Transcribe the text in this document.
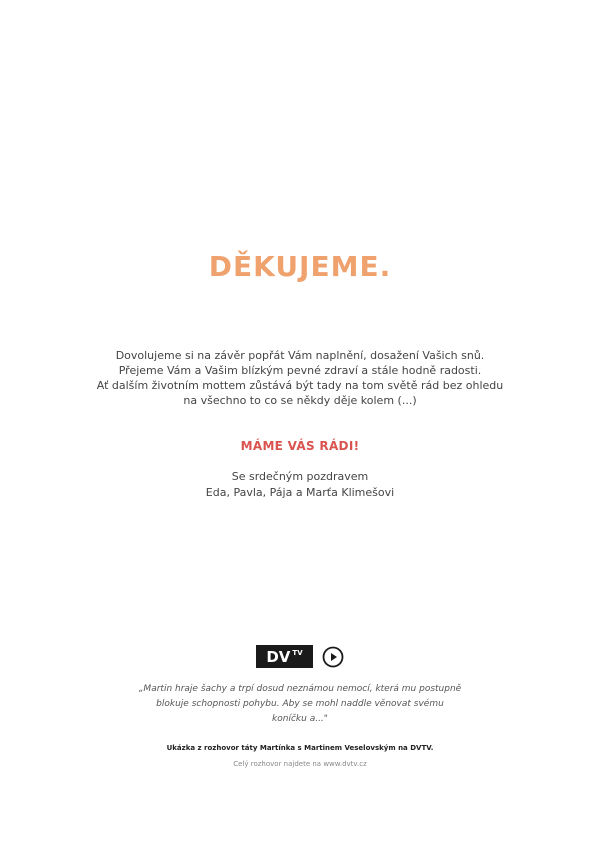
DĚKUJEME.
Dovolujeme si na závěr popřát Vám naplnění, dosažení Vašich snů.
Přejeme Vám a Vašim blízkým pevné zdraví a stále hodně radosti.
Ať dalším životním mottem zůstává být tady na tom světě rád bez ohledu
na všechno to co se někdy děje kolem (...)
MÁME VÁS RÁDI!
Se srdečným pozdravem
Eda, Pavla, Pája a Marťa Klimešovi
DV TV
„Martin hraje šachy a trpí dosud neznámou nemocí, která mu postupně
blokuje schopnosti pohybu. Aby se mohl naddle věnovat svému
koníčku a..."
Ukázka z rozhovor táty Martínka s Martinem Veselovským na DVTV.
Celý rozhovor najdete na www.dvtv.cz
